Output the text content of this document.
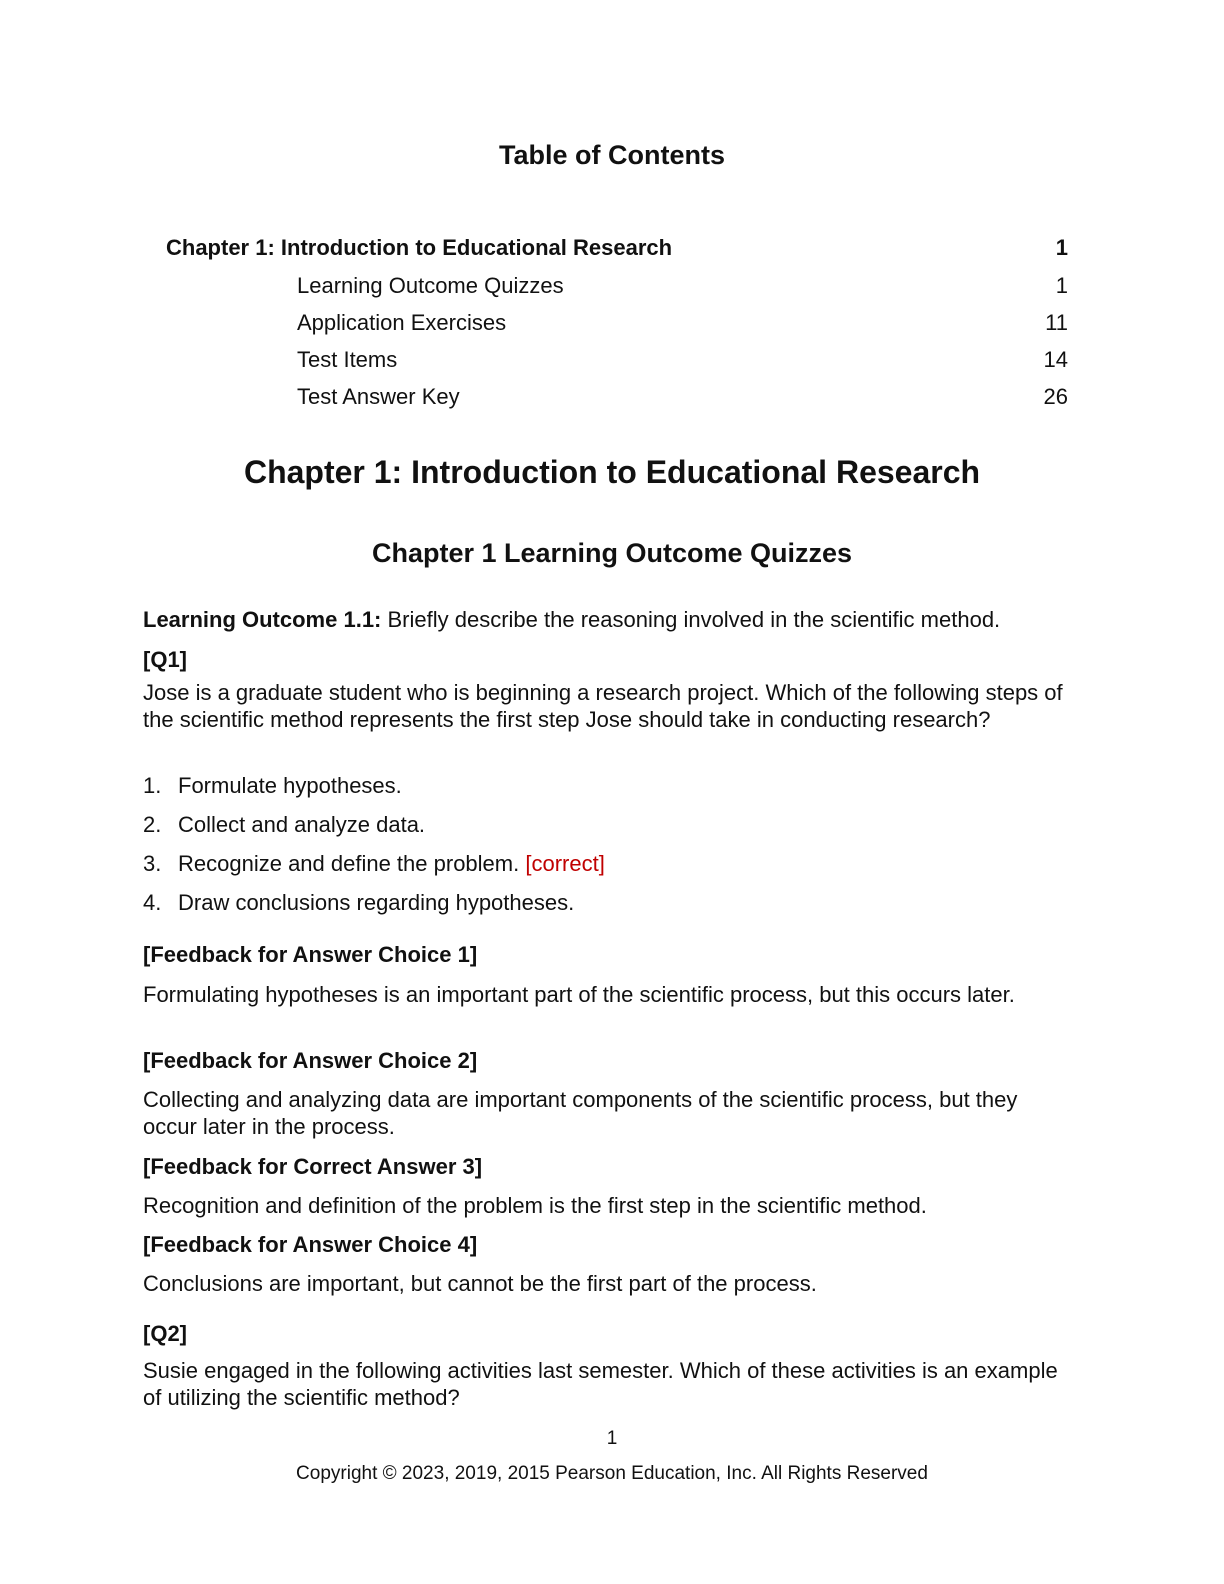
Table of Contents
Chapter 1: Introduction to Educational Research	1
Learning Outcome Quizzes	1
Application Exercises	11
Test Items	14
Test Answer Key	26
Chapter 1: Introduction to Educational Research
Chapter 1 Learning Outcome Quizzes
Learning Outcome 1.1: Briefly describe the reasoning involved in the scientific method.
[Q1]
Jose is a graduate student who is beginning a research project. Which of the following steps of the scientific method represents the first step Jose should take in conducting research?
1. Formulate hypotheses.
2. Collect and analyze data.
3. Recognize and define the problem. [correct]
4. Draw conclusions regarding hypotheses.
[Feedback for Answer Choice 1]
Formulating hypotheses is an important part of the scientific process, but this occurs later.
[Feedback for Answer Choice 2]
Collecting and analyzing data are important components of the scientific process, but they occur later in the process.
[Feedback for Correct Answer 3]
Recognition and definition of the problem is the first step in the scientific method.
[Feedback for Answer Choice 4]
Conclusions are important, but cannot be the first part of the process.
[Q2]
Susie engaged in the following activities last semester. Which of these activities is an example of utilizing the scientific method?
1
Copyright © 2023, 2019, 2015 Pearson Education, Inc. All Rights Reserved
